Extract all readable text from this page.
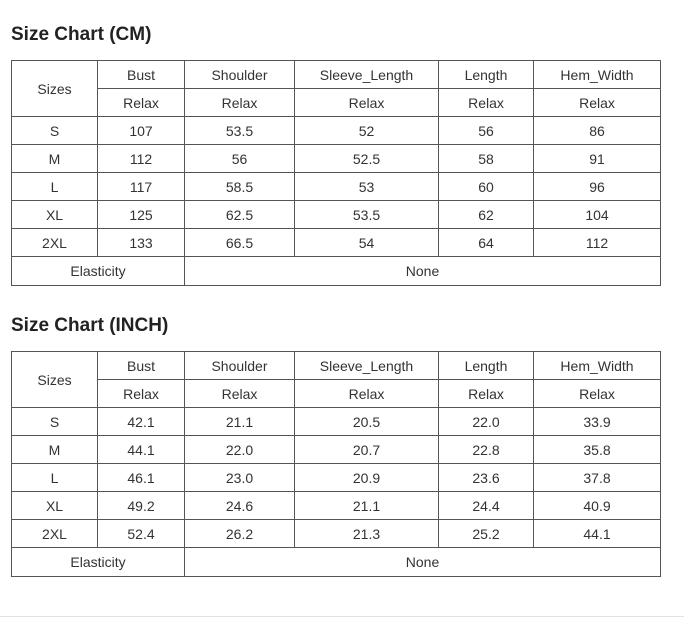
Size Chart (CM)
Sizes	Bust	Shoulder	Sleeve_Length	Length	Hem_Width
	Relax	Relax	Relax	Relax	Relax
S	107	53.5	52	56	86
M	112	56	52.5	58	91
L	117	58.5	53	60	96
XL	125	62.5	53.5	62	104
2XL	133	66.5	54	64	112
Elasticity		None			
Size Chart (INCH)
Sizes	Bust	Shoulder	Sleeve_Length	Length	Hem_Width
	Relax	Relax	Relax	Relax	Relax
S	42.1	21.1	20.5	22.0	33.9
M	44.1	22.0	20.7	22.8	35.8
L	46.1	23.0	20.9	23.6	37.8
XL	49.2	24.6	21.1	24.4	40.9
2XL	52.4	26.2	21.3	25.2	44.1
Elasticity		None			
